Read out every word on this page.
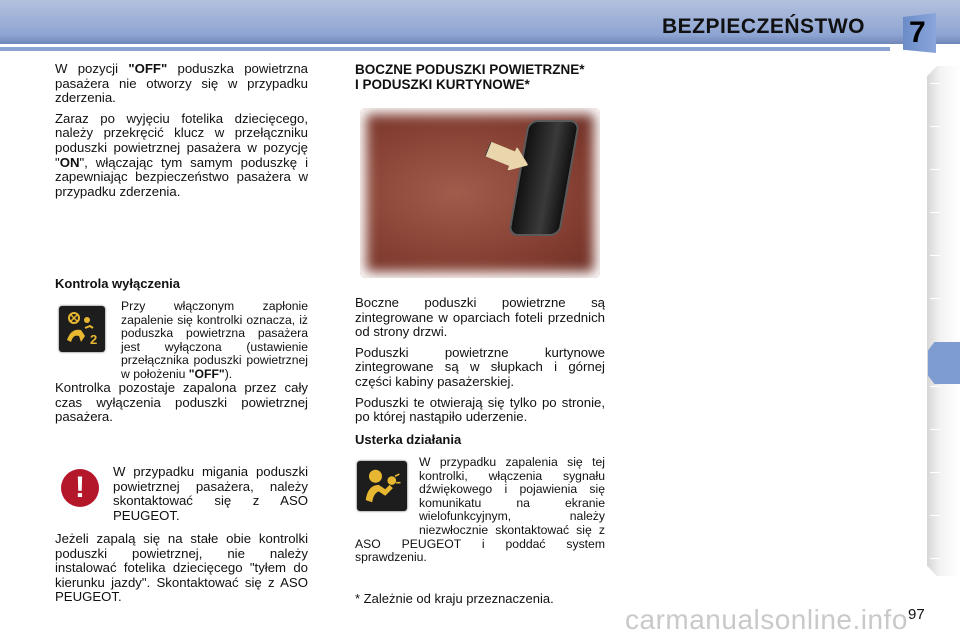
BEZPIECZEŃSTWO 7

W pozycji "OFF" poduszka powietrzna pasażera nie otworzy się w przypadku zderzenia.

Zaraz po wyjęciu fotelika dziecięcego, należy przekręcić klucz w przełączniku poduszki powietrznej pasażera w pozycję "ON", włączając tym samym poduszkę i zapewniając bezpieczeństwo pasażera w przypadku zderzenia.

Kontrola wyłączenia
2
Przy włączonym zapłonie zapalenie się kontrolki oznacza, iż poduszka powietrzna pasażera jest wyłączona (ustawienie przełącznika poduszki powietrznej w położeniu "OFF").
Kontrolka pozostaje zapalona przez cały czas wyłączenia poduszki powietrznej pasażera.
!	W przypadku migania poduszki powietrznej pasażera, należy skontaktować się z ASO PEUGEOT.
Jeżeli zapalą się na stałe obie kontrolki poduszki powietrznej, nie należy instalować fotelika dziecięcego "tyłem do kierunku jazdy". Skontaktować się z ASO PEUGEOT.
BOCZNE PODUSZKI POWIETRZNE*
I PODUSZKI KURTYNOWE*

Boczne poduszki powietrzne są zintegrowane w oparciach foteli przednich od strony drzwi.

Poduszki powietrzne kurtynowe zintegrowane są w słupkach i górnej części kabiny pasażerskiej.

Poduszki te otwierają się tylko po stronie, po której nastąpiło uderzenie.

Usterka działania
W przypadku zapalenia się tej kontrolki, włączenia sygnału dźwiękowego i pojawienia się komunikatu na ekranie wielofunkcyjnym, należy niezwłocznie skontaktować się z ASO PEUGEOT i poddać system sprawdzeniu.
* Zależnie od kraju przeznaczenia.
carmanualsonline.info 97
